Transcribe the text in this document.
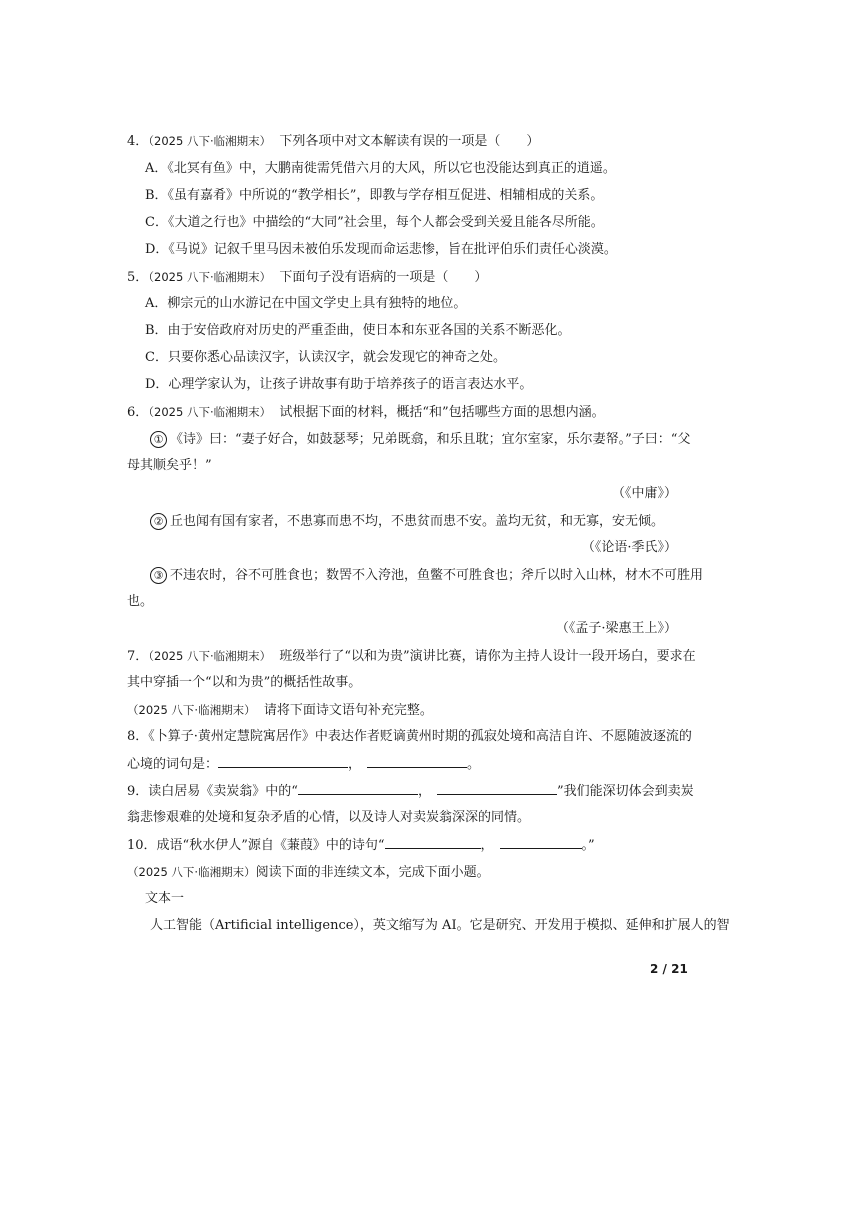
4．（2025 八下·临湘期末） 下列各项中对文本解读有误的一项是（　　）
A．《北冥有鱼》中，大鹏南徙需凭借六月的大风，所以它也没能达到真正的逍遥。
B．《虽有嘉肴》中所说的“教学相长”，即教与学存相互促进、相辅相成的关系。
C．《大道之行也》中描绘的“大同”社会里，每个人都会受到关爱且能各尽所能。
D．《马说》记叙千里马因未被伯乐发现而命运悲惨，旨在批评伯乐们责任心淡漠。
5．（2025 八下·临湘期末） 下面句子没有语病的一项是（　　）
A．柳宗元的山水游记在中国文学史上具有独特的地位。
B．由于安倍政府对历史的严重歪曲，使日本和东亚各国的关系不断恶化。
C．只要你悉心品读汉字，认读汉字，就会发现它的神奇之处。
D．心理学家认为，让孩子讲故事有助于培养孩子的语言表达水平。
6．（2025 八下·临湘期末） 试根据下面的材料，概括“和”包括哪些方面的思想内涵。
① 《诗》曰：“妻子好合，如鼓瑟琴；兄弟既翕，和乐且耽；宜尔室家，乐尔妻帑。”子曰：“父
母其顺矣乎！”
（《中庸》）
② 丘也闻有国有家者，不患寡而患不均，不患贫而患不安。盖均无贫，和无寡，安无倾。
（《论语·季氏》）
③ 不违农时，谷不可胜食也；数罟不入洿池，鱼鳖不可胜食也；斧斤以时入山林，材木不可胜用
也。
（《孟子·梁惠王上》）
7．（2025 八下·临湘期末） 班级举行了“以和为贵”演讲比赛，请你为主持人设计一段开场白，要求在
其中穿插一个“以和为贵”的概括性故事。
（2025 八下·临湘期末） 请将下面诗文语句补充完整。
8．《卜算子·黄州定慧院寓居作》中表达作者贬谪黄州时期的孤寂处境和高洁自许、不愿随波逐流的
心境的词句是：	，	。
9．读白居易《卖炭翁》中的“	，	”我们能深切体会到卖炭
翁悲惨艰难的处境和复杂矛盾的心情，以及诗人对卖炭翁深深的同情。
10．成语“秋水伊人”源自《蒹葭》中的诗句“	，	。”
（2025 八下·临湘期末）阅读下面的非连续文本，完成下面小题。
文本一
人工智能（Artificial intelligence），英文缩写为 AI。它是研究、开发用于模拟、延伸和扩展人的智
2 / 21
